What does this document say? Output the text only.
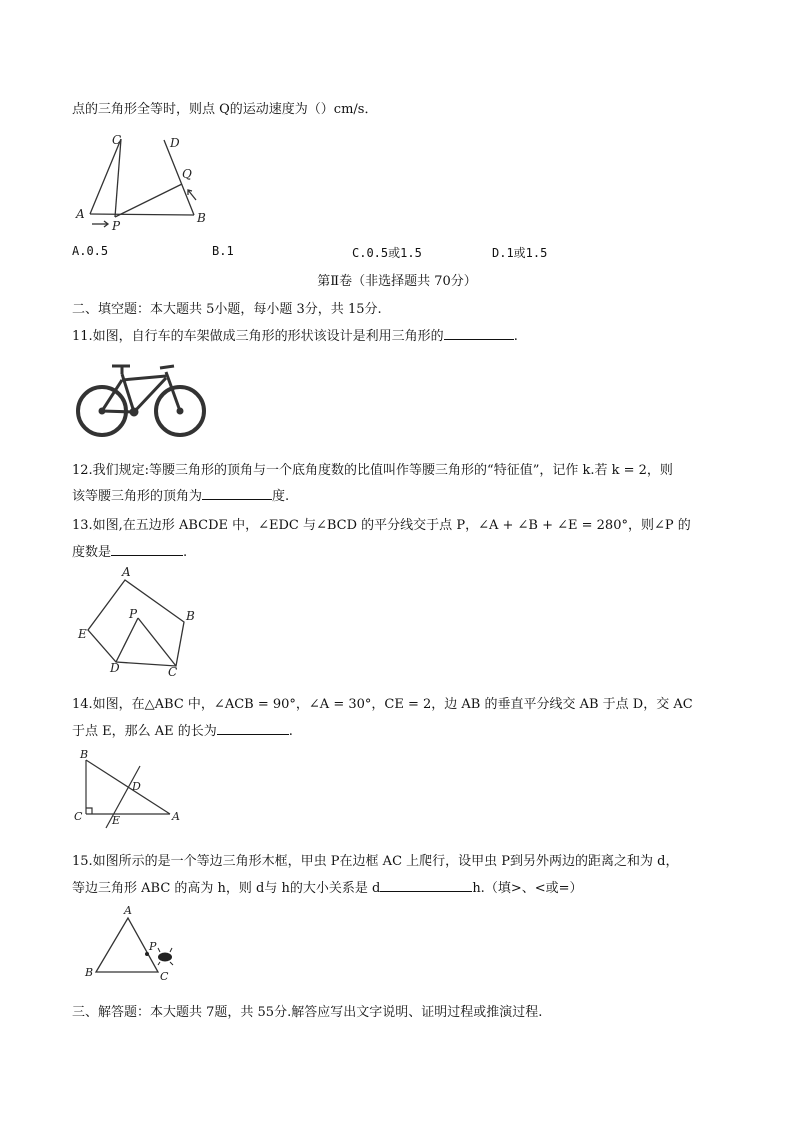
点的三角形全等时，则点 Q的运动速度为（）cm/s．
A	B
C	D
P
Q
A.0.5	B.1	C.0.5或1.5	D.1或1.5
第Ⅱ卷（非选择题共 70分）
二、填空题：本大题共 5小题，每小题 3分，共 15分.
11.如图，自行车的车架做成三角形的形状该设计是利用三角形的	.
12.我们规定:等腰三角形的顶角与一个底角度数的比值叫作等腰三角形的“特征值”，记作 k.若 k = 2，则
该等腰三角形的顶角为	度.
13.如图,在五边形 ABCDE 中，∠EDC 与∠BCD 的平分线交于点 P，∠A + ∠B + ∠E = 280°，则∠P 的
度数是	.
A
B
C
D
E
P
14.如图，在△ABC 中，∠ACB = 90°，∠A = 30°，CE = 2，边 AB 的垂直平分线交 AB 于点 D，交 AC
于点 E，那么 AE 的长为	.
B
C	A
D
E
15.如图所示的是一个等边三角形木框，甲虫 P在边框 AC 上爬行，设甲虫 P到另外两边的距离之和为 d，
等边三角形 ABC 的高为 h，则 d与 h的大小关系是 d	h.（填>、<或=）
A
B	C
P
三、解答题：本大题共 7题，共 55分.解答应写出文字说明、证明过程或推演过程.
